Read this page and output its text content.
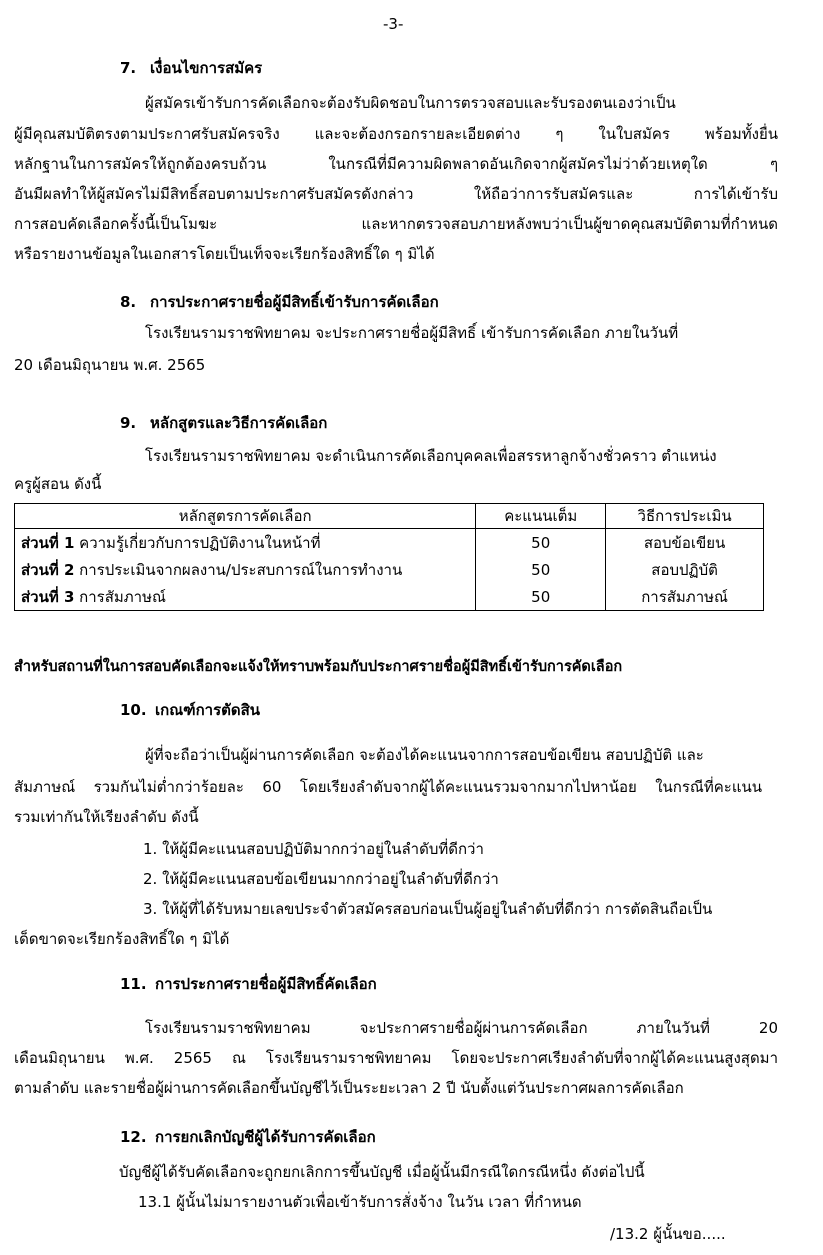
-3-
7. เงื่อนไขการสมัคร
ผู้สมัครเข้ารับการคัดเลือกจะต้องรับผิดชอบในการตรวจสอบและรับรองตนเองว่าเป็น
ผู้มีคุณสมบัติตรงตามประกาศรับสมัครจริง และจะต้องกรอกรายละเอียดต่าง ๆ ในใบสมัคร พร้อมทั้งยื่น
หลักฐานในการสมัครให้ถูกต้องครบถ้วน ในกรณีที่มีความผิดพลาดอันเกิดจากผู้สมัครไม่ว่าด้วยเหตุใด ๆ
อันมีผลทำให้ผู้สมัครไม่มีสิทธิ์สอบตามประกาศรับสมัครดังกล่าว ให้ถือว่าการรับสมัครและ การได้เข้ารับ
การสอบคัดเลือกครั้งนี้เป็นโมฆะ และหากตรวจสอบภายหลังพบว่าเป็นผู้ขาดคุณสมบัติตามที่กำหนด
หรือรายงานข้อมูลในเอกสารโดยเป็นเท็จจะเรียกร้องสิทธิ์ใด ๆ มิได้
8. การประกาศรายชื่อผู้มีสิทธิ์เข้ารับการคัดเลือก
โรงเรียนรามราชพิทยาคม จะประกาศรายชื่อผู้มีสิทธิ์ เข้ารับการคัดเลือก ภายในวันที่
20 เดือนมิถุนายน พ.ศ. 2565
9. หลักสูตรและวิธีการคัดเลือก
โรงเรียนรามราชพิทยาคม จะดำเนินการคัดเลือกบุคคลเพื่อสรรหาลูกจ้างชั่วคราว ตำแหน่ง
ครูผู้สอน ดังนี้
หลักสูตรการคัดเลือก	คะแนนเต็ม	วิธีการประเมิน
ส่วนที่ 1 ความรู้เกี่ยวกับการปฏิบัติงานในหน้าที่	50	สอบข้อเขียน
ส่วนที่ 2 การประเมินจากผลงาน/ประสบการณ์ในการทำงาน	50	สอบปฏิบัติ
ส่วนที่ 3 การสัมภาษณ์	50	การสัมภาษณ์
สำหรับสถานที่ในการสอบคัดเลือกจะแจ้งให้ทราบพร้อมกับประกาศรายชื่อผู้มีสิทธิ์เข้ารับการคัดเลือก
10. เกณฑ์การตัดสิน
ผู้ที่จะถือว่าเป็นผู้ผ่านการคัดเลือก จะต้องได้คะแนนจากการสอบข้อเขียน สอบปฏิบัติ และ
สัมภาษณ์ รวมกันไม่ต่ำกว่าร้อยละ 60 โดยเรียงลำดับจากผู้ได้คะแนนรวมจากมากไปหาน้อย ในกรณีที่คะแนน
รวมเท่ากันให้เรียงลำดับ ดังนี้
1. ให้ผู้มีคะแนนสอบปฏิบัติมากกว่าอยู่ในลำดับที่ดีกว่า
2. ให้ผู้มีคะแนนสอบข้อเขียนมากกว่าอยู่ในลำดับที่ดีกว่า
3. ให้ผู้ที่ได้รับหมายเลขประจำตัวสมัครสอบก่อนเป็นผู้อยู่ในลำดับที่ดีกว่า การตัดสินถือเป็น
เด็ดขาดจะเรียกร้องสิทธิ์ใด ๆ มิได้
11. การประกาศรายชื่อผู้มีสิทธิ์คัดเลือก
โรงเรียนรามราชพิทยาคม จะประกาศรายชื่อผู้ผ่านการคัดเลือก ภายในวันที่ 20
เดือนมิถุนายน พ.ศ. 2565 ณ โรงเรียนรามราชพิทยาคม โดยจะประกาศเรียงลำดับที่จากผู้ได้คะแนนสูงสุดมา
ตามลำดับ และรายชื่อผู้ผ่านการคัดเลือกขึ้นบัญชีไว้เป็นระยะเวลา 2 ปี นับตั้งแต่วันประกาศผลการคัดเลือก
12. การยกเลิกบัญชีผู้ได้รับการคัดเลือก
บัญชีผู้ได้รับคัดเลือกจะถูกยกเลิกการขึ้นบัญชี เมื่อผู้นั้นมีกรณีใดกรณีหนึ่ง ดังต่อไปนี้
13.1 ผู้นั้นไม่มารายงานตัวเพื่อเข้ารับการสั่งจ้าง ในวัน เวลา ที่กำหนด
/13.2 ผู้นั้นขอ.....
